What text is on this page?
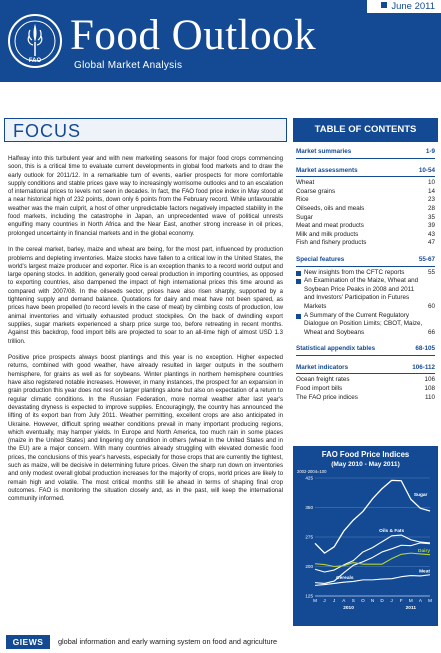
June 2011
FAO
Food Outlook
Global Market Analysis
FOCUS

Halfway into this turbulent year and with new marketing seasons for major food crops commencing soon, this is a critical time to evaluate current developments in global food markets and to draw the early outlook for 2011/12. In a remarkable turn of events, earlier prospects for more comfortable supply conditions and stable prices gave way to increasingly worrisome outlooks and to an escalation of international prices to levels not seen in decades. In fact, the FAO food price index in May stood at a near historical high of 232 points, down only 6 points from the February record. While unfavourable weather was the main culprit, a host of other unpredictable factors negatively impacted stability in the food markets, including the catastrophe in Japan, an unprecedented wave of political unrests engulfing many countries in North Africa and the Near East, another strong increase in oil prices, prolonged uncertainty in financial markets and in the global economy.

In the cereal market, barley, maize and wheat are being, for the most part, influenced by production problems and depleting inventories. Maize stocks have fallen to a critical low in the United States, the world's largest maize producer and exporter. Rice is an exception thanks to a record world output and large opening stocks. In addition, generally good cereal production in importing countries, as opposed to exporting countries, also dampened the impact of high international prices this time around as compared with 2007/08. In the oilseeds sector, prices have also risen sharply, supported by a tightening supply and demand balance. Quotations for dairy and meat have not been spared, as prices have been propelled (to record levels in the case of meat) by climbing costs of production, low animal inventories and virtually exhausted product stockpiles. On the back of dwindling export supplies, sugar markets experienced a sharp price surge too, before retreating in recent months. Against this backdrop, food import bills are projected to soar to an all-time high of almost USD 1.3 trillion.

Positive price prospects always boost plantings and this year is no exception. Higher expected returns, combined with good weather, have already resulted in larger outputs in the southern hemisphere, for grains as well as for soybeans. Winter plantings in northern hemisphere countries have also registered notable increases. However, in many instances, the prospect for an expansion in grain production this year does not rest on larger plantings alone but also on expectation of a return to regular climatic conditions. In the Russian Federation, more normal weather after last year's devastating dryness is expected to improve supplies. Encouragingly, the country has announced the lifting of its export ban from July 2011. Weather permitting, excellent crops are also anticipated in Ukraine. However, difficult spring weather conditions prevail in many important producing regions, which eventually, may hamper yields. In Europe and North America, too much rain in some places (maize in the United States) and lingering dry condition in others (wheat in the United States and in the EU) are a major concern. With many countries already struggling with elevated domestic food prices, the conclusions of this year's harvests, especially for those crops that are currently the tightest, such as maize, will be decisive in determining future prices. Given the sharp run down on inventories and only modest overall global production increases for the majority of crops, world prices are likely to remain high and volatile. The most critical months still lie ahead in terms of shaping final crop outcomes. FAO is monitoring the situation closely and, as in the past, will keep the international community informed.

TABLE OF CONTENTS
Market summaries	1-9
Market assessments	10-54
Wheat	10
Coarse grains	14
Rice	23
Oilseeds, oils and meals	28
Sugar	35
Meat and meat products	39
Milk and milk products	43
Fish and fishery products	47
Special features	55-67
New insights from the CFTC reports	55
An Examination of the Maize, Wheat and Soybean Price Peaks in 2008 and 2011 and Investors' Participation in Futures Markets	60
A Summary of the Current Regulatory Dialogue on Position Limits; CBOT, Maize, Wheat and Soybeans	66
Statistical appendix tables	68-105
Market indicators	106-112
Ocean freight rates	106
Food import bills	108
The FAO price indices	110
FAO Food Price Indices
(May 2010 - May 2011)
2002-2004=100
125
200
275
350
425
M J J A S O N D J F M A M
2010	2011
Sugar
Oils & Fats
Cereals
Dairy
Meat
GIEWS	global information and early warning system on food and agriculture
